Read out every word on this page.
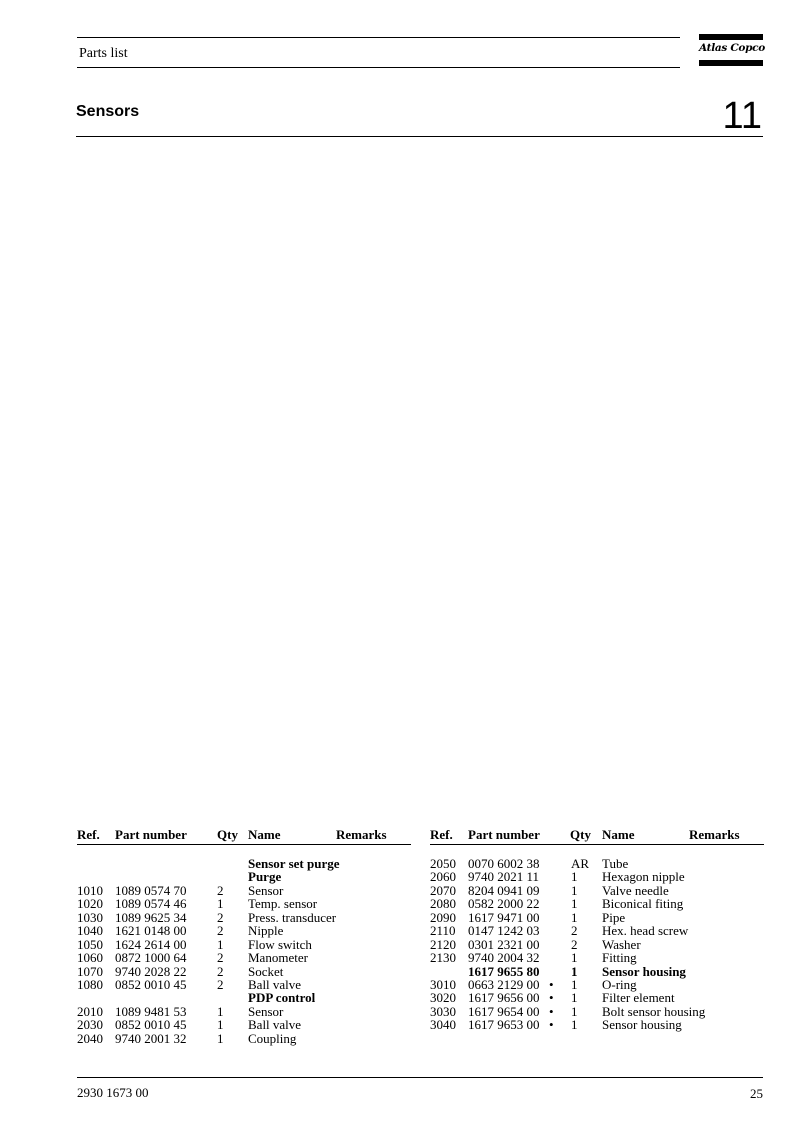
Parts list	Atlas Copco
Sensors	11
Ref. Part number Qty Name	Remarks
Sensor set purge
Purge
1010 1089 0574 70 2 Sensor
1020 1089 0574 46 1 Temp. sensor
1030 1089 9625 34 2 Press. transducer
1040 1621 0148 00 2 Nipple
1050 1624 2614 00 1 Flow switch
1060 0872 1000 64 2 Manometer
1070 9740 2028 22 2 Socket
1080 0852 0010 45 2 Ball valve
PDP control
2010 1089 9481 53 1 Sensor
2030 0852 0010 45 1 Ball valve
2040 9740 2001 32 1 Coupling
Ref. Part number Qty Name	Remarks
2050 0070 6002 38 AR Tube
2060 9740 2021 11 1 Hexagon nipple
2070 8204 0941 09 1 Valve needle
2080 0582 2000 22 1 Biconical fiting
2090 1617 9471 00 1 Pipe
2110 0147 1242 03 2 Hex. head screw
2120 0301 2321 00 2 Washer
2130 9740 2004 32 1 Fitting
1617 9655 80 1 Sensor housing
3010 0663 2129 00 • 1 O-ring
3020 1617 9656 00 • 1 Filter element
3030 1617 9654 00 • 1 Bolt sensor housing
3040 1617 9653 00 • 1 Sensor housing
2930 1673 00	25
